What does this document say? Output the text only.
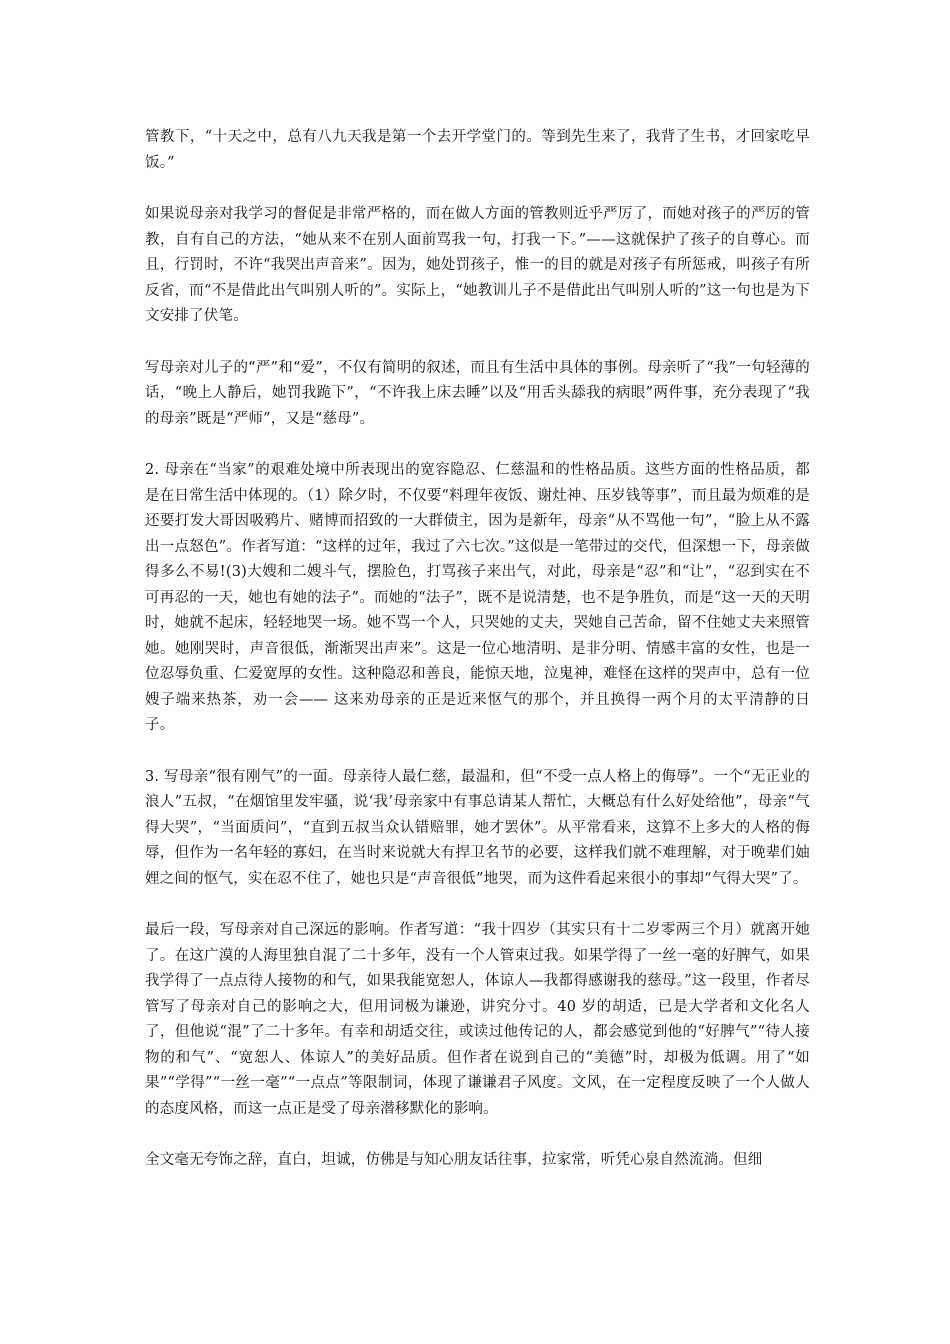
管教下，“十天之中，总有八九天我是第一个去开学堂门的。等到先生来了，我背了生书，才回家吃早饭。”

如果说母亲对我学习的督促是非常严格的，而在做人方面的管教则近乎严厉了，而她对孩子的严厉的管教，自有自己的方法，“她从来不在别人面前骂我一句，打我一下。”——这就保护了孩子的自尊心。而且，行罚时，不许“我哭出声音来”。因为，她处罚孩子，惟一的目的就是对孩子有所惩戒，叫孩子有所反省，而“不是借此出气叫别人听的”。实际上，“她教训儿子不是借此出气叫别人听的”这一句也是为下文安排了伏笔。

写母亲对儿子的“严”和“爱”，不仅有简明的叙述，而且有生活中具体的事例。母亲听了“我”一句轻薄的话，“晚上人静后，她罚我跪下”，“不许我上床去睡”以及“用舌头舔我的病眼”两件事，充分表现了“我的母亲”既是“严师”，又是“慈母”。

2. 母亲在“当家”的艰难处境中所表现出的宽容隐忍、仁慈温和的性格品质。这些方面的性格品质，都是在日常生活中体现的。（1）除夕时，不仅要“料理年夜饭、谢灶神、压岁钱等事”，而且最为烦难的是还要打发大哥因吸鸦片、赌博而招致的一大群债主，因为是新年，母亲“从不骂他一句”，“脸上从不露出一点怒色”。作者写道：“这样的过年，我过了六七次。”这似是一笔带过的交代，但深想一下，母亲做得多么不易!(3)大嫂和二嫂斗气，摆脸色，打骂孩子来出气，对此，母亲是“忍”和“让”，“忍到实在不可再忍的一天，她也有她的法子”。而她的“法子”，既不是说清楚，也不是争胜负，而是“这一天的天明时，她就不起床，轻轻地哭一场。她不骂一个人，只哭她的丈夫，哭她自己苦命，留不住她丈夫来照管她。她刚哭时，声音很低，渐渐哭出声来”。这是一位心地清明、是非分明、情感丰富的女性，也是一位忍辱负重、仁爱宽厚的女性。这种隐忍和善良，能惊天地，泣鬼神，难怪在这样的哭声中，总有一位嫂子端来热茶，劝一会—— 这来劝母亲的正是近来怄气的那个，并且换得一两个月的太平清静的日子。

3. 写母亲“很有刚气”的一面。母亲待人最仁慈，最温和，但“不受一点人格上的侮辱”。一个“无正业的浪人”五叔，“在烟馆里发牢骚，说‘我’母亲家中有事总请某人帮忙，大概总有什么好处给他”，母亲“气得大哭”，“当面质问”，“直到五叔当众认错赔罪，她才罢休”。从平常看来，这算不上多大的人格的侮辱，但作为一名年轻的寡妇，在当时来说就大有捍卫名节的必要，这样我们就不难理解，对于晚辈们妯娌之间的怄气，实在忍不住了，她也只是“声音很低”地哭，而为这件看起来很小的事却“气得大哭”了。

最后一段，写母亲对自己深远的影响。作者写道：“我十四岁（其实只有十二岁零两三个月）就离开她了。在这广漠的人海里独自混了二十多年，没有一个人管束过我。如果学得了一丝一毫的好脾气，如果我学得了一点点待人接物的和气，如果我能宽恕人，体谅人—我都得感谢我的慈母。”这一段里，作者尽管写了母亲对自己的影响之大，但用词极为谦逊，讲究分寸。40 岁的胡适，已是大学者和文化名人了，但他说“混”了二十多年。有幸和胡适交往，或读过他传记的人，都会感觉到他的“好脾气”“待人接物的和气”、“宽恕人、体谅人”的美好品质。但作者在说到自己的“美德”时，却极为低调。用了“如果”“学得”“一丝一毫”“一点点”等限制词，体现了谦谦君子风度。文风，在一定程度反映了一个人做人的态度风格，而这一点正是受了母亲潜移默化的影响。

全文毫无夸饰之辞，直白，坦诚，仿佛是与知心朋友话往事，拉家常，听凭心泉自然流淌。但细
